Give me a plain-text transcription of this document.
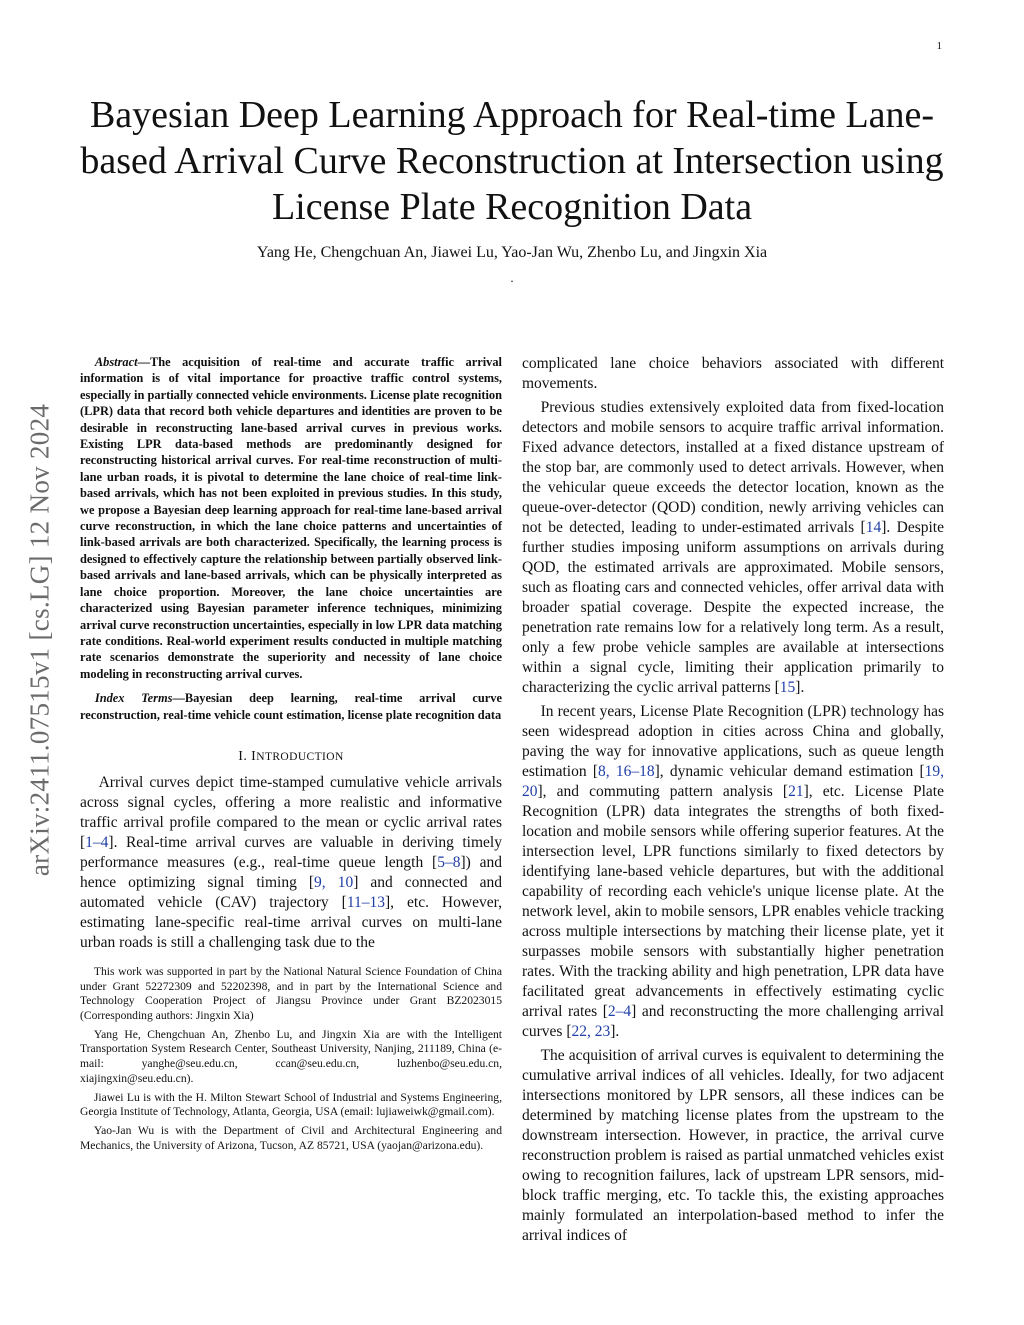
1
arXiv:2411.07515v1 [cs.LG] 12 Nov 2024
Bayesian Deep Learning Approach for Real-time Lane-based Arrival Curve Reconstruction at Intersection using License Plate Recognition Data
Yang He, Chengchuan An, Jiawei Lu, Yao-Jan Wu, Zhenbo Lu, and Jingxin Xia
.

Abstract—The acquisition of real-time and accurate traffic arrival information is of vital importance for proactive traffic control systems, especially in partially connected vehicle environments. License plate recognition (LPR) data that record both vehicle departures and identities are proven to be desirable in reconstructing lane-based arrival curves in previous works. Existing LPR data-based methods are predominantly designed for reconstructing historical arrival curves. For real-time reconstruction of multi-lane urban roads, it is pivotal to determine the lane choice of real-time link-based arrivals, which has not been exploited in previous studies. In this study, we propose a Bayesian deep learning approach for real-time lane-based arrival curve reconstruction, in which the lane choice patterns and uncertainties of link-based arrivals are both characterized. Specifically, the learning process is designed to effectively capture the relationship between partially observed link-based arrivals and lane-based arrivals, which can be physically interpreted as lane choice proportion. Moreover, the lane choice uncertainties are characterized using Bayesian parameter inference techniques, minimizing arrival curve reconstruction uncertainties, especially in low LPR data matching rate conditions. Real-world experiment results conducted in multiple matching rate scenarios demonstrate the superiority and necessity of lane choice modeling in reconstructing arrival curves.

Index Terms—Bayesian deep learning, real-time arrival curve reconstruction, real-time vehicle count estimation, license plate recognition data

I. INTRODUCTION

Arrival curves depict time-stamped cumulative vehicle arrivals across signal cycles, offering a more realistic and informative traffic arrival profile compared to the mean or cyclic arrival rates [1–4]. Real-time arrival curves are valuable in deriving timely performance measures (e.g., real-time queue length [5–8]) and hence optimizing signal timing [9, 10] and connected and automated vehicle (CAV) trajectory [11–13], etc. However, estimating lane-specific real-time arrival curves on multi-lane urban roads is still a challenging task due to the

This work was supported in part by the National Natural Science Foundation of China under Grant 52272309 and 52202398, and in part by the International Science and Technology Cooperation Project of Jiangsu Province under Grant BZ2023015 (Corresponding authors: Jingxin Xia)

Yang He, Chengchuan An, Zhenbo Lu, and Jingxin Xia are with the Intelligent Transportation System Research Center, Southeast University, Nanjing, 211189, China (e-mail: yanghe@seu.edu.cn, ccan@seu.edu.cn, luzhenbo@seu.edu.cn, xiajingxin@seu.edu.cn).

Jiawei Lu is with the H. Milton Stewart School of Industrial and Systems Engineering, Georgia Institute of Technology, Atlanta, Georgia, USA (email: lujiaweiwk@gmail.com).

Yao-Jan Wu is with the Department of Civil and Architectural Engineering and Mechanics, the University of Arizona, Tucson, AZ 85721, USA (yaojan@arizona.edu).

complicated lane choice behaviors associated with different movements.

Previous studies extensively exploited data from fixed-location detectors and mobile sensors to acquire traffic arrival information. Fixed advance detectors, installed at a fixed distance upstream of the stop bar, are commonly used to detect arrivals. However, when the vehicular queue exceeds the detector location, known as the queue-over-detector (QOD) condition, newly arriving vehicles can not be detected, leading to under-estimated arrivals [14]. Despite further studies imposing uniform assumptions on arrivals during QOD, the estimated arrivals are approximated. Mobile sensors, such as floating cars and connected vehicles, offer arrival data with broader spatial coverage. Despite the expected increase, the penetration rate remains low for a relatively long term. As a result, only a few probe vehicle samples are available at intersections within a signal cycle, limiting their application primarily to characterizing the cyclic arrival patterns [15].

In recent years, License Plate Recognition (LPR) technology has seen widespread adoption in cities across China and globally, paving the way for innovative applications, such as queue length estimation [8, 16–18], dynamic vehicular demand estimation [19, 20], and commuting pattern analysis [21], etc. License Plate Recognition (LPR) data integrates the strengths of both fixed-location and mobile sensors while offering superior features. At the intersection level, LPR functions similarly to fixed detectors by identifying lane-based vehicle departures, but with the additional capability of recording each vehicle's unique license plate. At the network level, akin to mobile sensors, LPR enables vehicle tracking across multiple intersections by matching their license plate, yet it surpasses mobile sensors with substantially higher penetration rates. With the tracking ability and high penetration, LPR data have facilitated great advancements in effectively estimating cyclic arrival rates [2–4] and reconstructing the more challenging arrival curves [22, 23].

The acquisition of arrival curves is equivalent to determining the cumulative arrival indices of all vehicles. Ideally, for two adjacent intersections monitored by LPR sensors, all these indices can be determined by matching license plates from the upstream to the downstream intersection. However, in practice, the arrival curve reconstruction problem is raised as partial unmatched vehicles exist owing to recognition failures, lack of upstream LPR sensors, mid-block traffic merging, etc. To tackle this, the existing approaches mainly formulated an interpolation-based method to infer the arrival indices of
